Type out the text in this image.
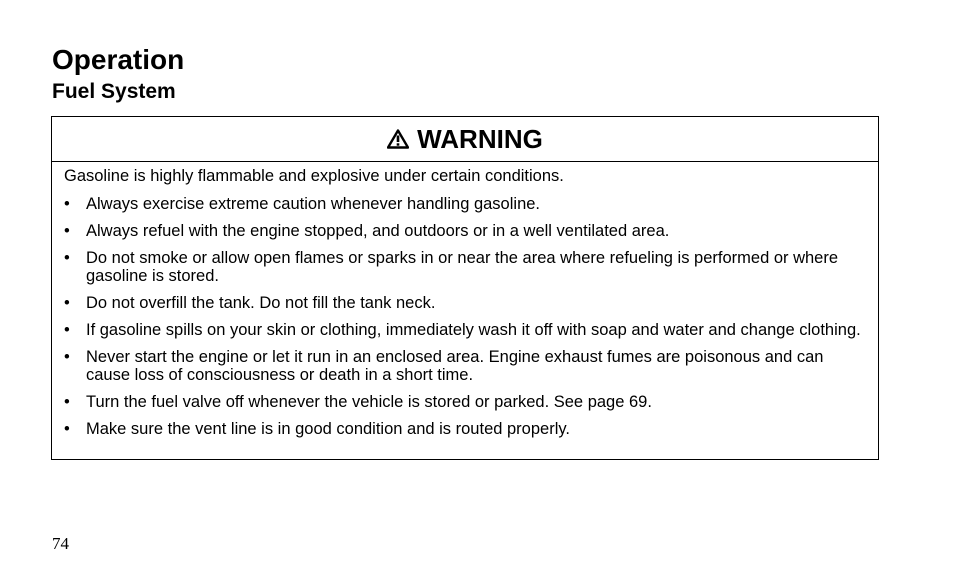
Operation
Fuel System
WARNING

Gasoline is highly flammable and explosive under certain conditions.

• Always exercise extreme caution whenever handling gasoline.
• Always refuel with the engine stopped, and outdoors or in a well ventilated area.
• Do not smoke or allow open flames or sparks in or near the area where refueling is performed or where gasoline is stored.
• Do not overfill the tank. Do not fill the tank neck.
• If gasoline spills on your skin or clothing, immediately wash it off with soap and water and change clothing.
• Never start the engine or let it run in an enclosed area. Engine exhaust fumes are poisonous and can cause loss of consciousness or death in a short time.
• Turn the fuel valve off whenever the vehicle is stored or parked. See page 69.
• Make sure the vent line is in good condition and is routed properly.
74
